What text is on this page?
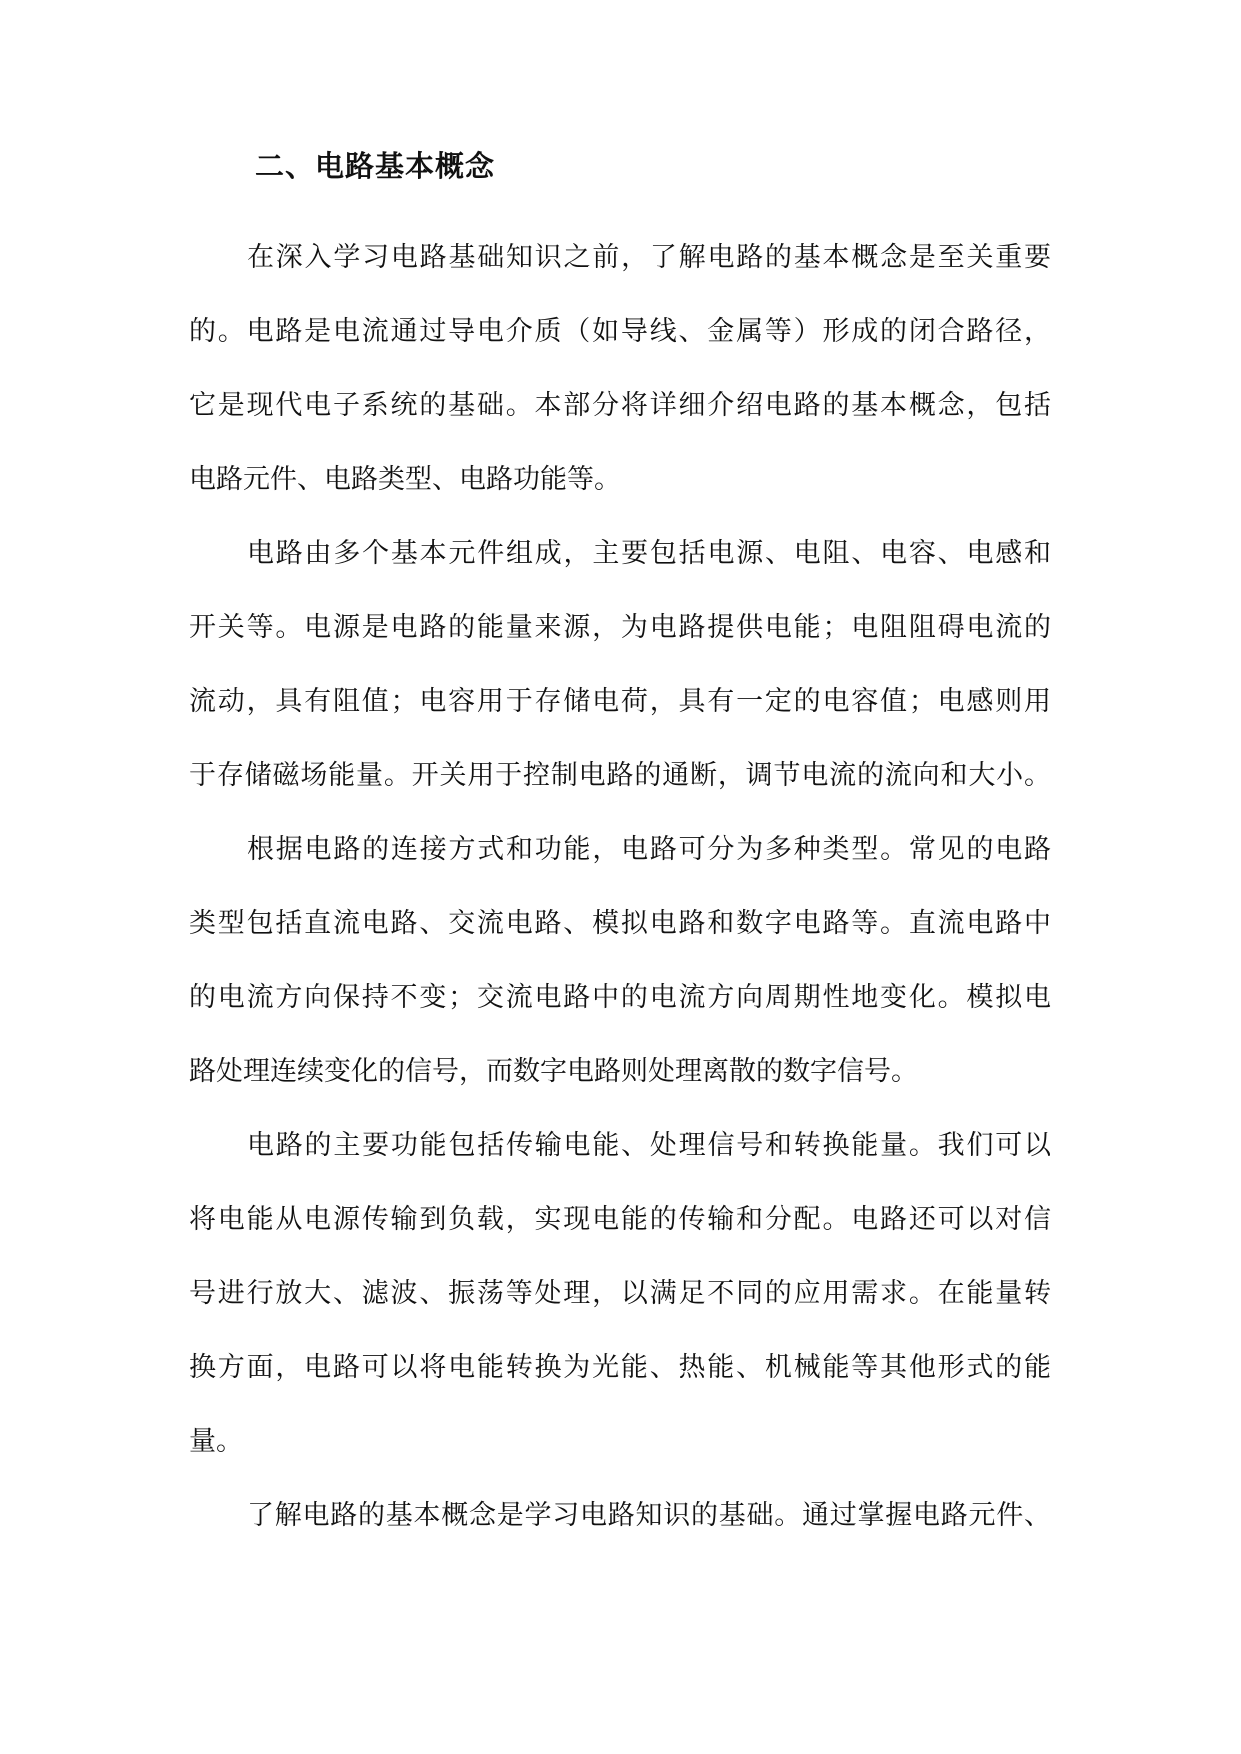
二、电路基本概念

在深入学习电路基础知识之前，了解电路的基本概念是至关重要

的。电路是电流通过导电介质（如导线、金属等）形成的闭合路径，

它是现代电子系统的基础。本部分将详细介绍电路的基本概念，包括

电路元件、电路类型、电路功能等。

电路由多个基本元件组成，主要包括电源、电阻、电容、电感和

开关等。电源是电路的能量来源，为电路提供电能；电阻阻碍电流的

流动，具有阻值；电容用于存储电荷，具有一定的电容值；电感则用

于存储磁场能量。开关用于控制电路的通断，调节电流的流向和大小。

根据电路的连接方式和功能，电路可分为多种类型。常见的电路

类型包括直流电路、交流电路、模拟电路和数字电路等。直流电路中

的电流方向保持不变；交流电路中的电流方向周期性地变化。模拟电

路处理连续变化的信号，而数字电路则处理离散的数字信号。

电路的主要功能包括传输电能、处理信号和转换能量。我们可以

将电能从电源传输到负载，实现电能的传输和分配。电路还可以对信

号进行放大、滤波、振荡等处理，以满足不同的应用需求。在能量转

换方面，电路可以将电能转换为光能、热能、机械能等其他形式的能

量。

了解电路的基本概念是学习电路知识的基础。通过掌握电路元件、
